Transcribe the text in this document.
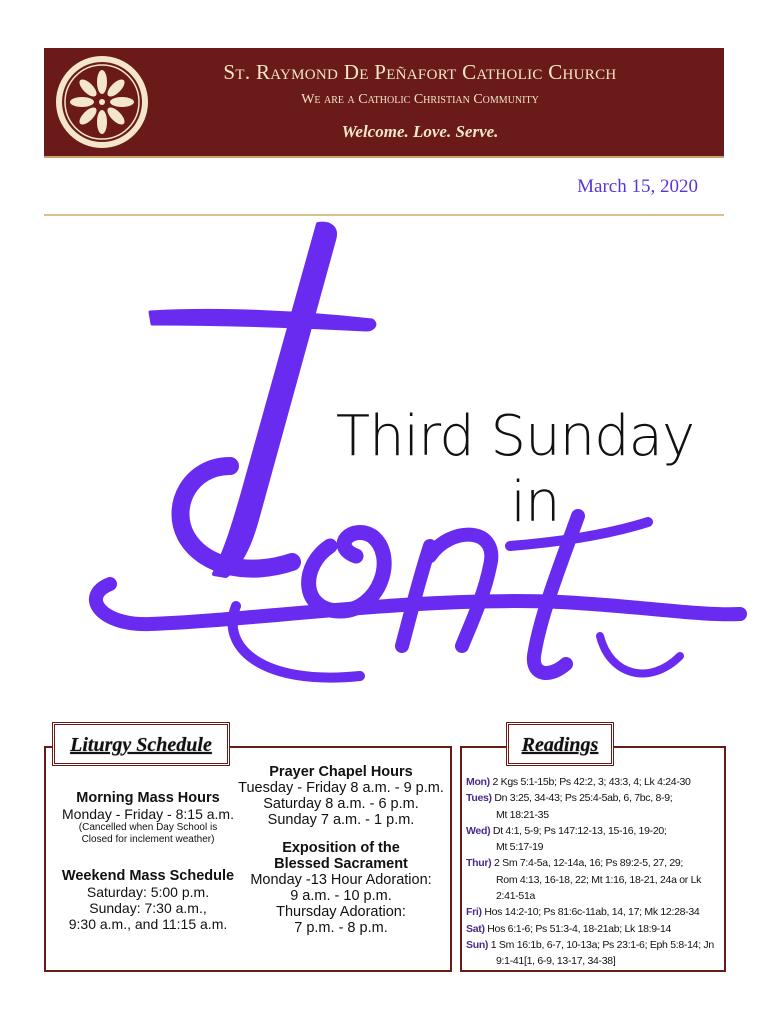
St. Raymond De Peñafort Catholic Church
We are a Catholic Christian Community
Welcome. Love. Serve.
March 15, 2020
Third Sunday
in
Liturgy Schedule
Morning Mass Hours
Monday - Friday - 8:15 a.m.
(Cancelled when Day School is
Closed for inclement weather)
Weekend Mass Schedule
Saturday: 5:00 p.m.
Sunday: 7:30 a.m.,
9:30 a.m., and 11:15 a.m.
Prayer Chapel Hours
Tuesday - Friday 8 a.m. - 9 p.m.
Saturday 8 a.m. - 6 p.m.
Sunday 7 a.m. - 1 p.m.
Exposition of the
Blessed Sacrament
Monday -13 Hour Adoration:
9 a.m. - 10 p.m.
Thursday Adoration:
7 p.m. - 8 p.m.
Readings
Mon) 2 Kgs 5:1-15b; Ps 42:2, 3; 43:3, 4; Lk 4:24-30
Tues) Dn 3:25, 34-43; Ps 25:4-5ab, 6, 7bc, 8-9;
Mt 18:21-35
Wed) Dt 4:1, 5-9; Ps 147:12-13, 15-16, 19-20;
Mt 5:17-19
Thur) 2 Sm 7:4-5a, 12-14a, 16; Ps 89:2-5, 27, 29;
Rom 4:13, 16-18, 22; Mt 1:16, 18-21, 24a or Lk 2:41-51a
Fri) Hos 14:2-10; Ps 81:6c-11ab, 14, 17; Mk 12:28-34
Sat) Hos 6:1-6; Ps 51:3-4, 18-21ab; Lk 18:9-14
Sun) 1 Sm 16:1b, 6-7, 10-13a; Ps 23:1-6; Eph 5:8-14; Jn
9:1-41[1, 6-9, 13-17, 34-38]
